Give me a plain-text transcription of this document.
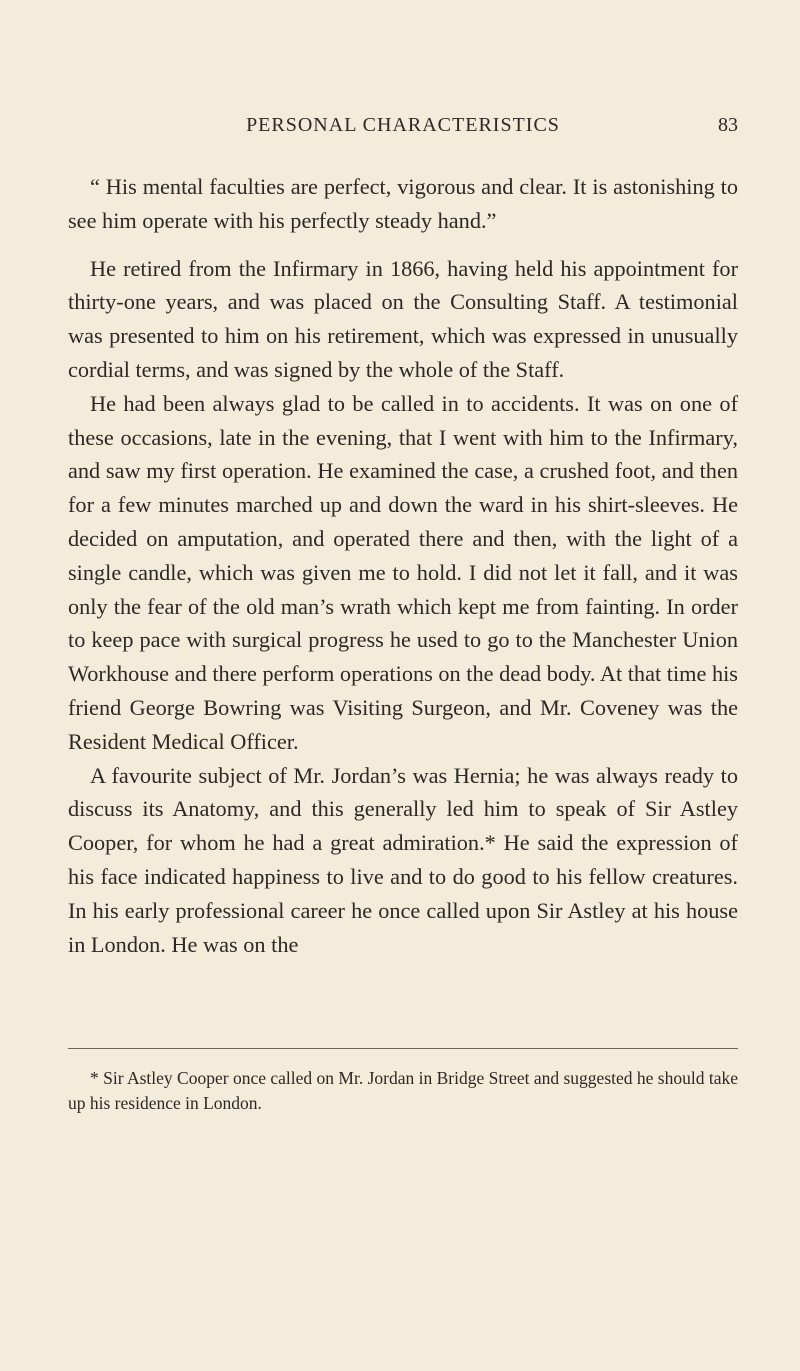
PERSONAL CHARACTERISTICS	83

“ His mental faculties are perfect, vigorous and clear. It is astonishing to see him operate with his perfectly steady hand.”

He retired from the Infirmary in 1866, having held his appointment for thirty-one years, and was placed on the Consulting Staff. A testimonial was presented to him on his retirement, which was expressed in unusually cordial terms, and was signed by the whole of the Staff.

He had been always glad to be called in to accidents. It was on one of these occasions, late in the evening, that I went with him to the Infirmary, and saw my first operation. He examined the case, a crushed foot, and then for a few minutes marched up and down the ward in his shirt-sleeves. He decided on amputation, and operated there and then, with the light of a single candle, which was given me to hold. I did not let it fall, and it was only the fear of the old man’s wrath which kept me from fainting. In order to keep pace with surgical progress he used to go to the Manchester Union Workhouse and there perform operations on the dead body. At that time his friend George Bowring was Visiting Surgeon, and Mr. Coveney was the Resident Medical Officer.

A favourite subject of Mr. Jordan’s was Hernia; he was always ready to discuss its Anatomy, and this generally led him to speak of Sir Astley Cooper, for whom he had a great admiration.* He said the expression of his face indicated happiness to live and to do good to his fellow creatures. In his early professional career he once called upon Sir Astley at his house in London. He was on the

* Sir Astley Cooper once called on Mr. Jordan in Bridge Street and suggested he should take up his residence in London.
